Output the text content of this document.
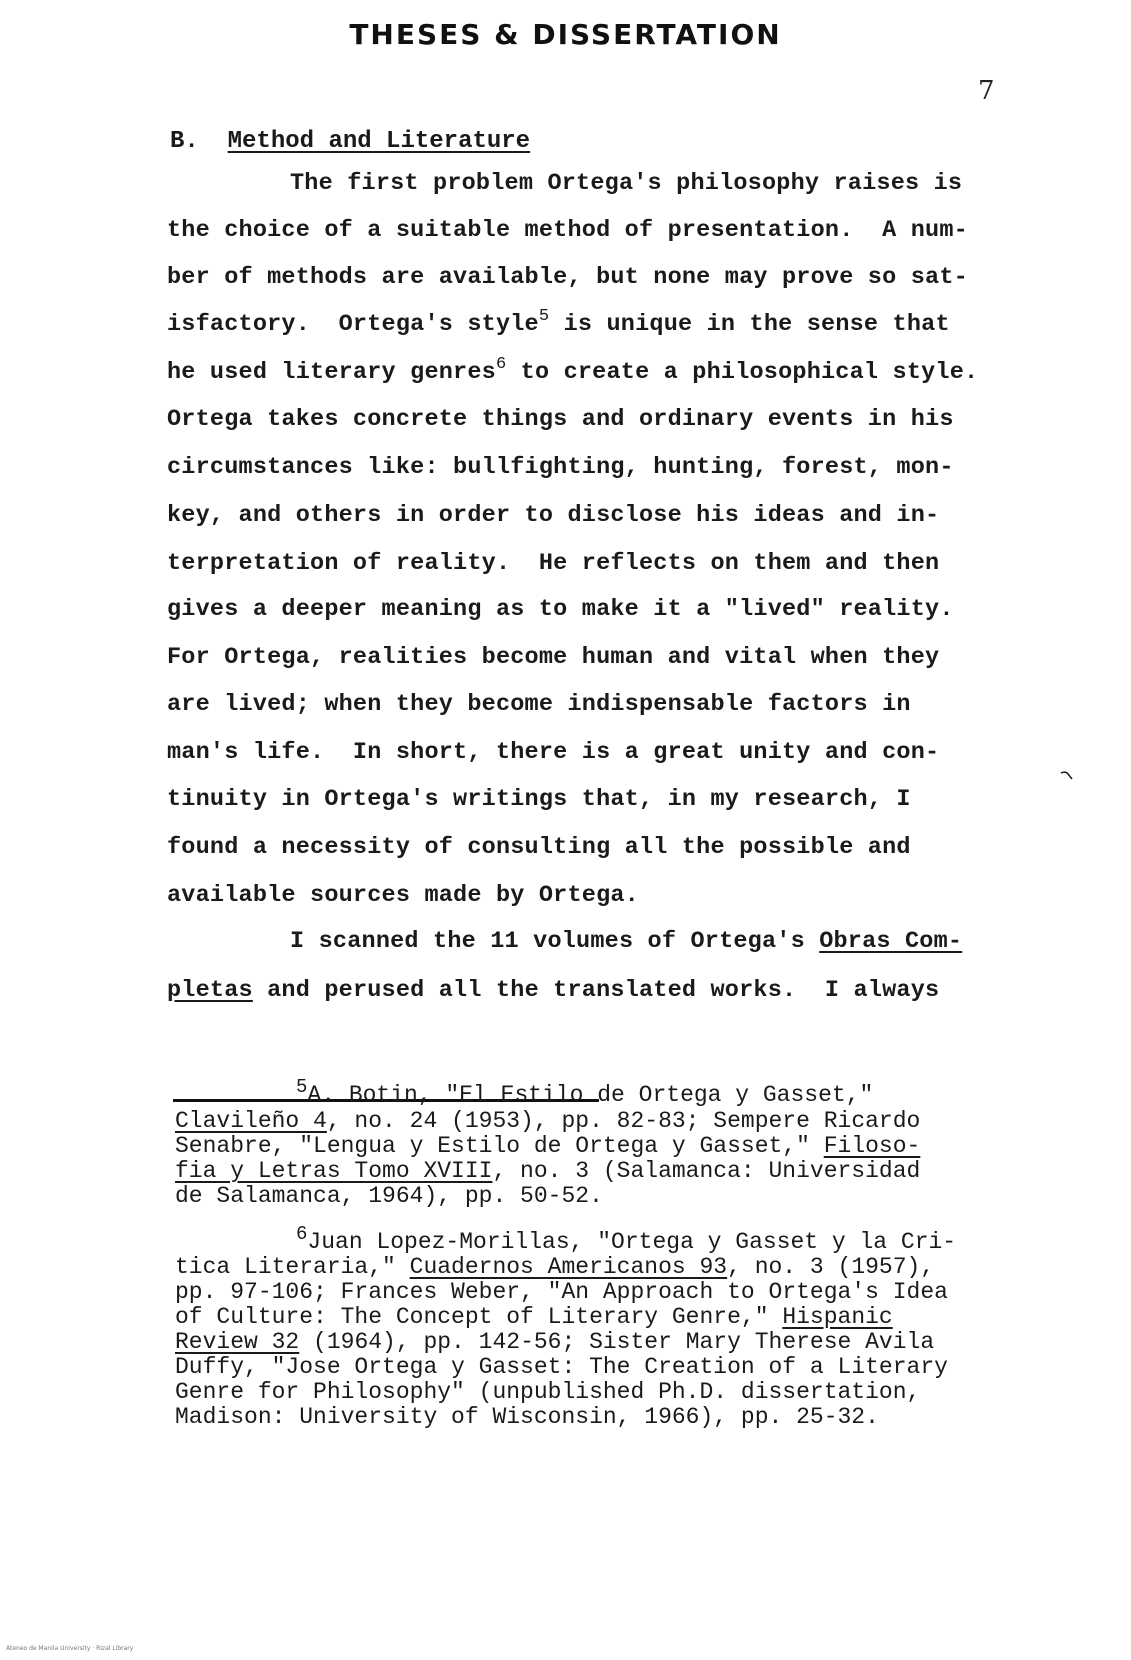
THESES & DISSERTATION
7
B. Method and Literature
The first problem Ortega's philosophy raises is
the choice of a suitable method of presentation.  A num-
ber of methods are available, but none may prove so sat-
isfactory.  Ortega's style$^5$ is unique in the sense that
he used literary genres$^6$ to create a philosophical style.
Ortega takes concrete things and ordinary events in his
circumstances like: bullfighting, hunting, forest, mon-
key, and others in order to disclose his ideas and in-
terpretation of reality.  He reflects on them and then
gives a deeper meaning as to make it a "lived" reality.
For Ortega, realities become human and vital when they
are lived; when they become indispensable factors in
man's life.  In short, there is a great unity and con-
tinuity in Ortega's writings that, in my research, I
found a necessity of consulting all the possible and
available sources made by Ortega.
I scanned the 11 volumes of Ortega's Obras Com-
pletas and perused all the translated works.  I always
$^5$A. Botin, "El Estilo de Ortega y Gasset,"
Clavileño 4, no. 24 (1953), pp. 82-83; Sempere Ricardo
Senabre, "Lengua y Estilo de Ortega y Gasset," Filoso-
fia y Letras Tomo XVIII, no. 3 (Salamanca: Universidad
de Salamanca, 1964), pp. 50-52.
$^6$Juan Lopez-Morillas, "Ortega y Gasset y la Cri-
tica Literaria," Cuadernos Americanos 93, no. 3 (1957),
pp. 97-106; Frances Weber, "An Approach to Ortega's Idea
of Culture: The Concept of Literary Genre," Hispanic
Review 32 (1964), pp. 142-56; Sister Mary Therese Avila
Duffy, "Jose Ortega y Gasset: The Creation of a Literary
Genre for Philosophy" (unpublished Ph.D. dissertation,
Madison: University of Wisconsin, 1966), pp. 25-32.
Ateneo de Manila University · Rizal Library
